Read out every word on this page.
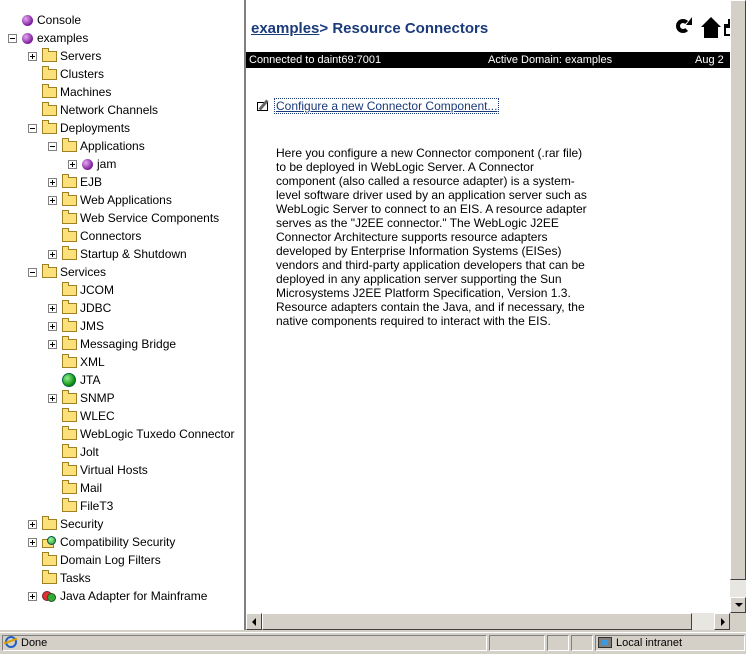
Console
examples
Servers
Clusters
Machines
Network Channels
Deployments
Applications
jam
EJB
Web Applications
Web Service Components
Connectors
Startup & Shutdown
Services
JCOM
JDBC
JMS
Messaging Bridge
XML
JTA
SNMP
WLEC
WebLogic Tuxedo Connector
Jolt
Virtual Hosts
Mail
FileT3
Security
Compatibility Security
Domain Log Filters
Tasks
Java Adapter for Mainframe
examples> Resource Connectors
Connected to daint69:7001	Active Domain: examples	Aug 2
Configure a new Connector Component...
Here you configure a new Connector component (.rar file) to be deployed in WebLogic Server. A Connector component (also called a resource adapter) is a system-level software driver used by an application server such as WebLogic Server to connect to an EIS. A resource adapter serves as the "J2EE connector." The WebLogic J2EE Connector Architecture supports resource adapters developed by Enterprise Information Systems (EISes) vendors and third-party application developers that can be deployed in any application server supporting the Sun Microsystems J2EE Platform Specification, Version 1.3. Resource adapters contain the Java, and if necessary, the native components required to interact with the EIS.
Done	Local intranet
